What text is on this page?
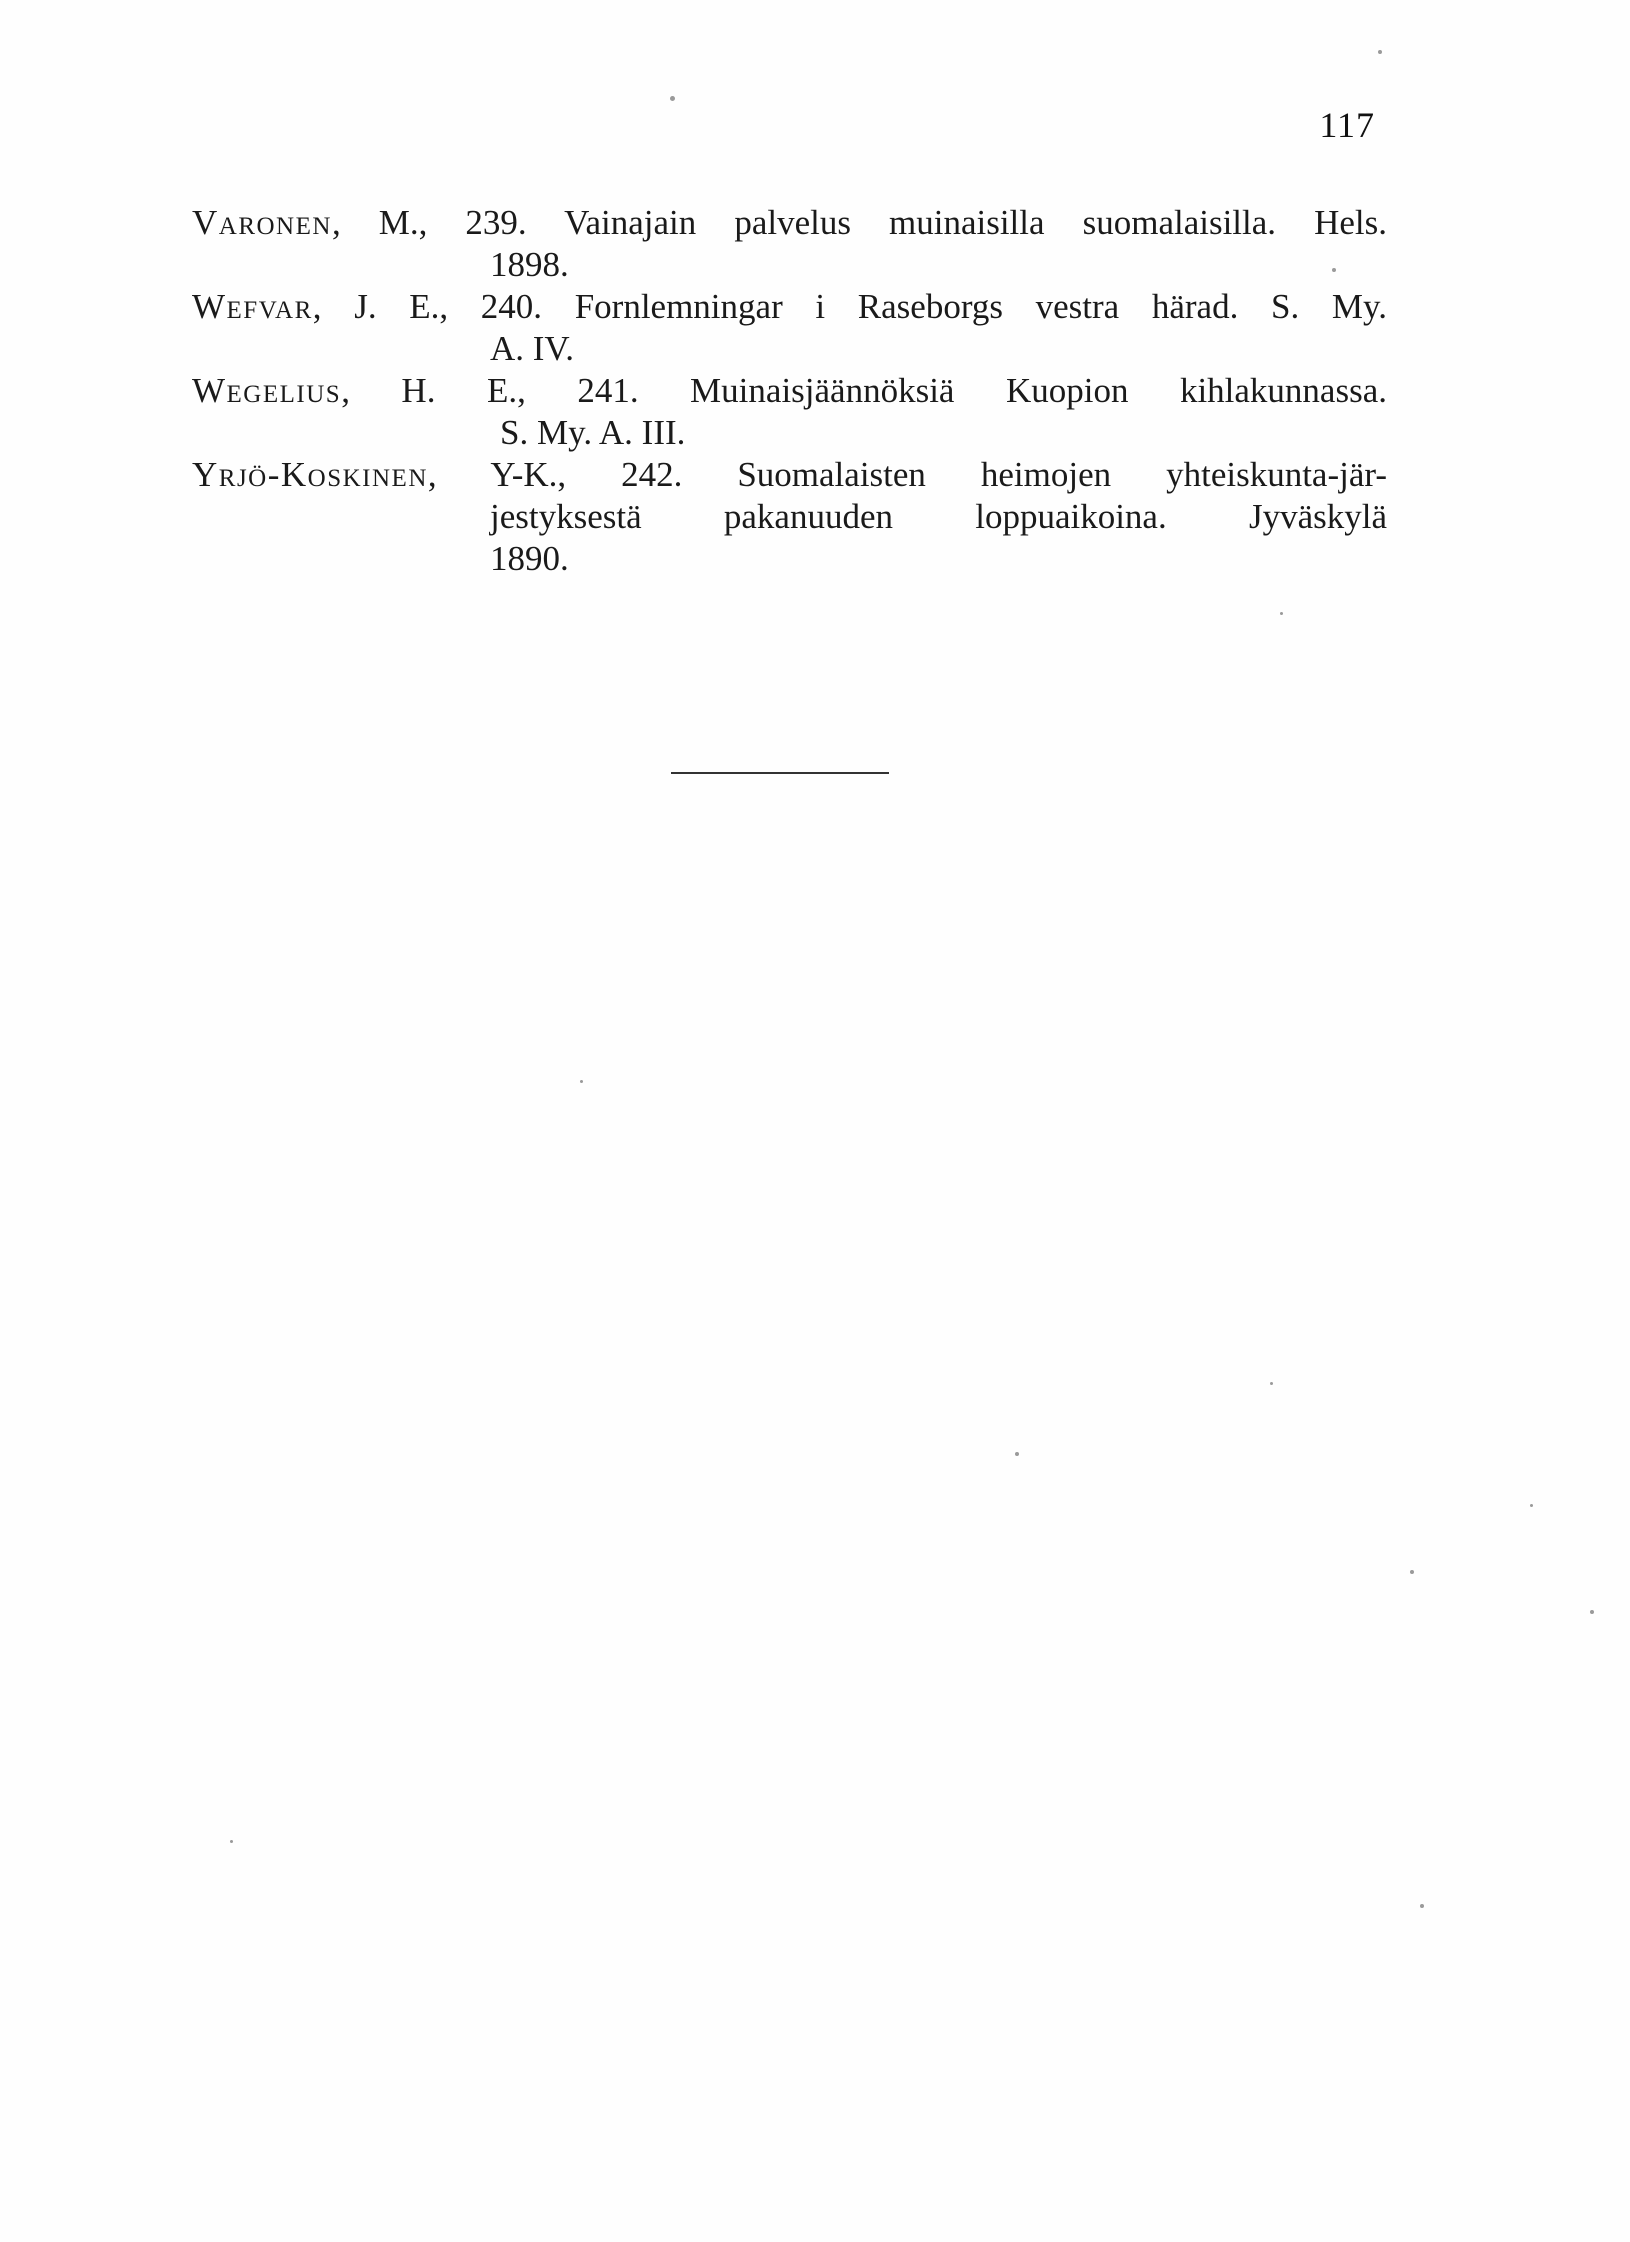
117
Varonen, M., 239. Vainajain palvelus muinaisilla suomalaisilla. Hels.
1898.
Wefvar, J. E., 240. Fornlemningar i Raseborgs vestra härad. S. My.
A. IV.
Wegelius, H. E., 241. Muinaisjäännöksiä Kuopion kihlakunnassa.
S. My. A. III.
Yrjö-Koskinen, Y-K., 242. Suomalaisten heimojen yhteiskunta-jär-
jestyksestä pakanuuden loppuaikoina. Jyväskylä
1890.
